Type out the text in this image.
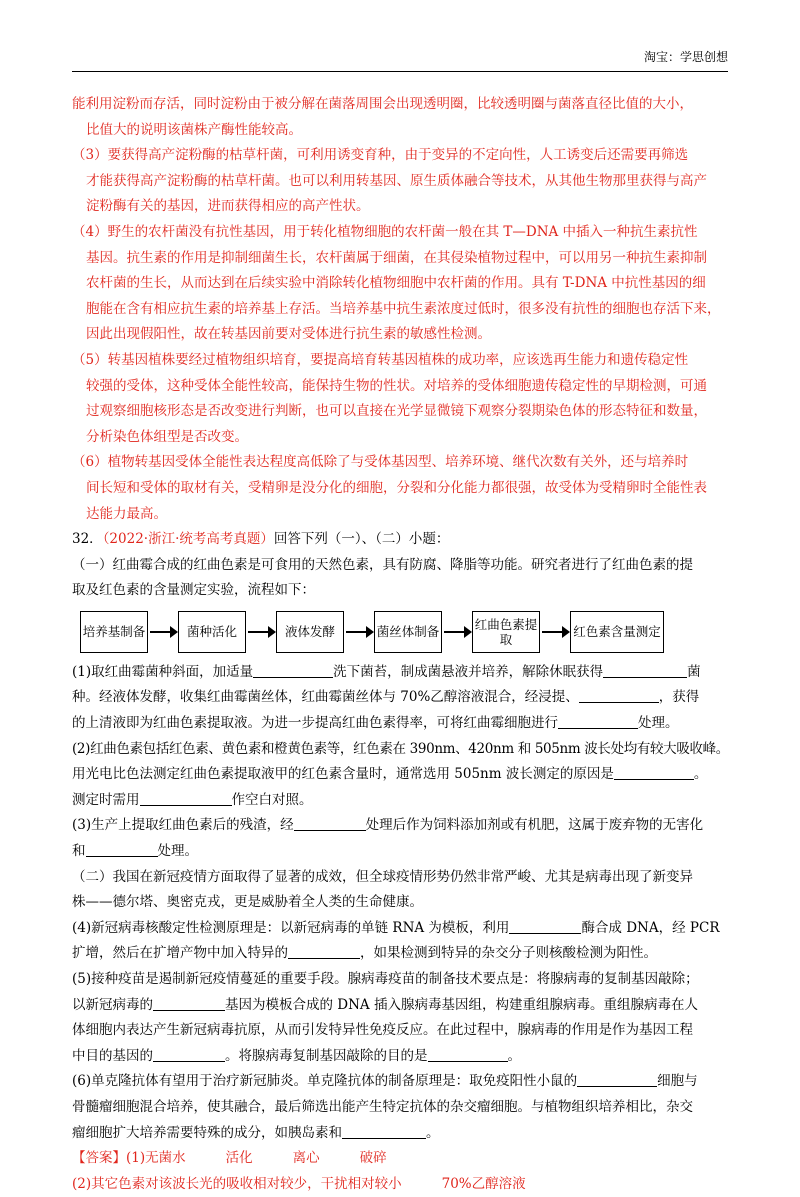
淘宝：学思创想

能利用淀粉而存活，同时淀粉由于被分解在菌落周围会出现透明圈，比较透明圈与菌落直径比值的大小，

比值大的说明该菌株产酶性能较高。

（3）要获得高产淀粉酶的枯草杆菌，可利用诱变育种，由于变异的不定向性，人工诱变后还需要再筛选

才能获得高产淀粉酶的枯草杆菌。也可以利用转基因、原生质体融合等技术，从其他生物那里获得与高产

淀粉酶有关的基因，进而获得相应的高产性状。

（4）野生的农杆菌没有抗性基因，用于转化植物细胞的农杆菌一般在其 T—DNA 中插入一种抗生素抗性

基因。抗生素的作用是抑制细菌生长，农杆菌属于细菌，在其侵染植物过程中，可以用另一种抗生素抑制

农杆菌的生长，从而达到在后续实验中消除转化植物细胞中农杆菌的作用。具有 T-DNA 中抗性基因的细

胞能在含有相应抗生素的培养基上存活。当培养基中抗生素浓度过低时，很多没有抗性的细胞也存活下来，

因此出现假阳性，故在转基因前要对受体进行抗生素的敏感性检测。

（5）转基因植株要经过植物组织培育，要提高培育转基因植株的成功率，应该选再生能力和遗传稳定性

较强的受体，这种受体全能性较高，能保持生物的性状。对培养的受体细胞遗传稳定性的早期检测，可通

过观察细胞核形态是否改变进行判断，也可以直接在光学显微镜下观察分裂期染色体的形态特征和数量，

分析染色体组型是否改变。

（6）植物转基因受体全能性表达程度高低除了与受体基因型、培养环境、继代次数有关外，还与培养时

间长短和受体的取材有关，受精卵是没分化的细胞，分裂和分化能力都很强，故受体为受精卵时全能性表

达能力最高。

32．（2022·浙江·统考高考真题）回答下列（一）、（二）小题：

（一）红曲霉合成的红曲色素是可食用的天然色素，具有防腐、降脂等功能。研究者进行了红曲色素的提

取及红色素的含量测定实验，流程如下：

培养基制备	菌种活化	液体发酵	菌丝体制备	红曲色素提取	红色素含量测定

(1)取红曲霉菌种斜面，加适量	洗下菌苔，制成菌悬液并培养，解除休眠获得	菌

种。经液体发酵，收集红曲霉菌丝体，红曲霉菌丝体与 70%乙醇溶液混合，经浸提、	，获得

的上清液即为红曲色素提取液。为进一步提高红曲色素得率，可将红曲霉细胞进行	处理。

(2)红曲色素包括红色素、黄色素和橙黄色素等，红色素在 390nm、420nm 和 505nm 波长处均有较大吸收峰。

用光电比色法测定红曲色素提取液甲的红色素含量时，通常选用 505nm 波长测定的原因是	。

测定时需用	作空白对照。

(3)生产上提取红曲色素后的残渣，经	处理后作为饲料添加剂或有机肥，这属于废弃物的无害化

和	处理。

（二）我国在新冠疫情方面取得了显著的成效，但全球疫情形势仍然非常严峻、尤其是病毒出现了新变异

株——德尔塔、奥密克戎，更是威胁着全人类的生命健康。

(4)新冠病毒核酸定性检测原理是：以新冠病毒的单链 RNA 为模板，利用	酶合成 DNA，经 PCR

扩增，然后在扩增产物中加入特异的	，如果检测到特异的杂交分子则核酸检测为阳性。

(5)接种疫苗是遏制新冠疫情蔓延的重要手段。腺病毒疫苗的制备技术要点是：将腺病毒的复制基因敲除；

以新冠病毒的	基因为模板合成的 DNA 插入腺病毒基因组，构建重组腺病毒。重组腺病毒在人

体细胞内表达产生新冠病毒抗原，从而引发特异性免疫反应。在此过程中，腺病毒的作用是作为基因工程

中目的基因的	。将腺病毒复制基因敲除的目的是	。

(6)单克隆抗体有望用于治疗新冠肺炎。单克隆抗体的制备原理是：取免疫阳性小鼠的	细胞与

骨髓瘤细胞混合培养，使其融合，最后筛选出能产生特定抗体的杂交瘤细胞。与植物组织培养相比，杂交

瘤细胞扩大培养需要特殊的成分，如胰岛素和	。

【答案】(1)无菌水	活化	离心	破碎

(2)其它色素对该波长光的吸收相对较少，干扰相对较小	70%乙醇溶液
